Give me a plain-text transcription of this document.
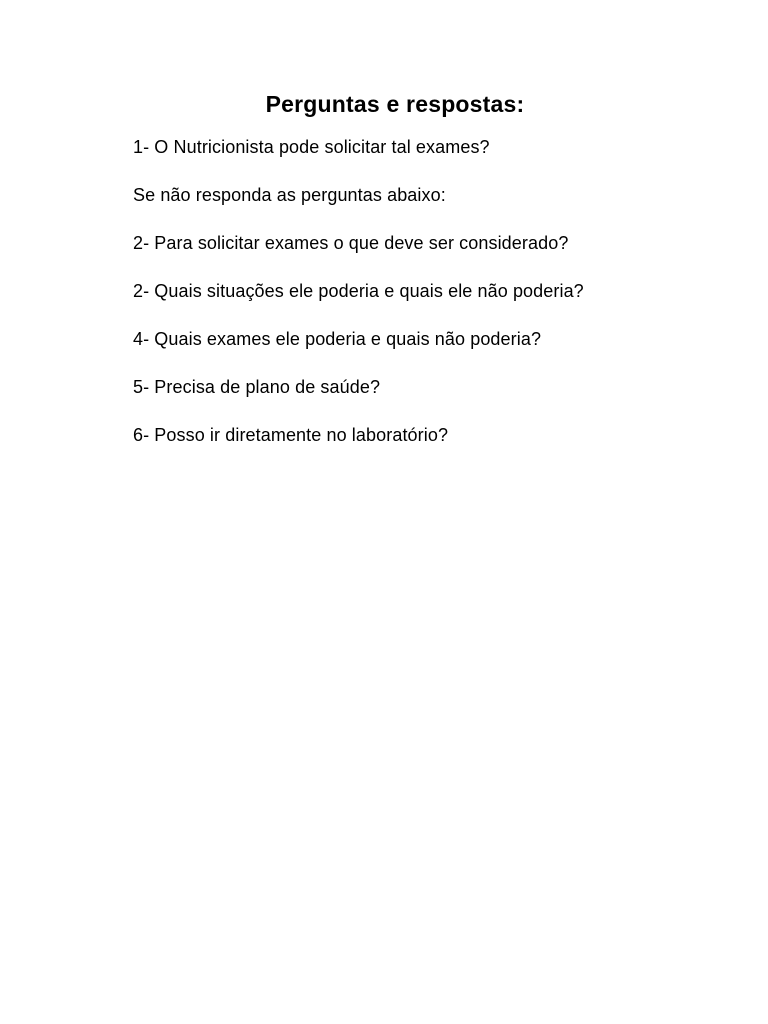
Perguntas e respostas:
1- O Nutricionista pode solicitar tal exames?
Se não responda as perguntas abaixo:
2- Para solicitar exames o que deve ser considerado?
2- Quais situações ele poderia e quais ele não poderia?
4- Quais exames ele poderia e quais não poderia?
5- Precisa de plano de saúde?
6- Posso ir diretamente no laboratório?
